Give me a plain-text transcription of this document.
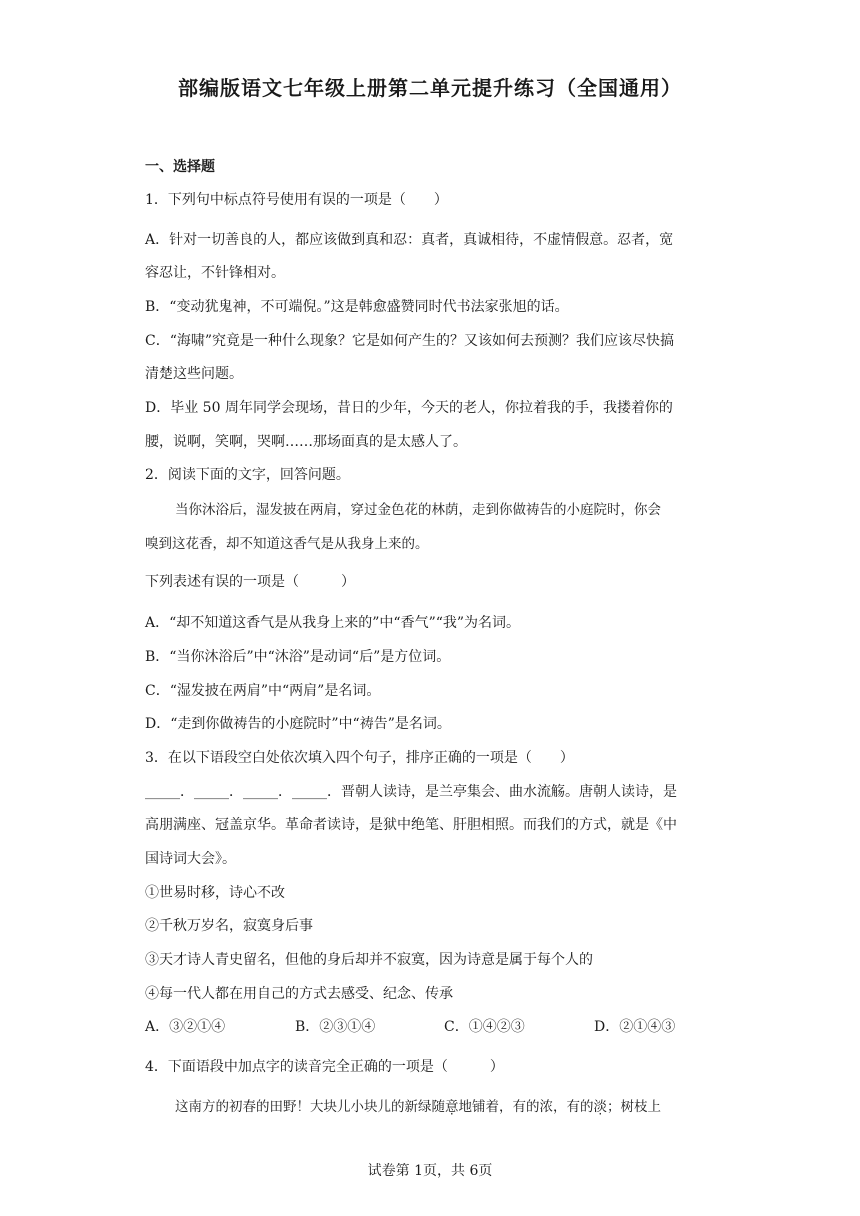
部编版语文七年级上册第二单元提升练习（全国通用）
一、选择题
1．下列句中标点符号使用有误的一项是（　　）
A．针对一切善良的人，都应该做到真和忍：真者，真诚相待，不虚情假意。忍者，宽
容忍让，不针锋相对。
B．“变动犹鬼神，不可端倪。”这是韩愈盛赞同时代书法家张旭的话。
C．“海啸”究竟是一种什么现象？它是如何产生的？又该如何去预测？我们应该尽快搞
清楚这些问题。
D．毕业 50 周年同学会现场，昔日的少年，今天的老人，你拉着我的手，我搂着你的
腰，说啊，笑啊，哭啊……那场面真的是太感人了。
2．阅读下面的文字，回答问题。
当你沐浴后，湿发披在两肩，穿过金色花的林荫，走到你做祷告的小庭院时，你会
嗅到这花香，却不知道这香气是从我身上来的。
下列表述有误的一项是（　　　）
A．“却不知道这香气是从我身上来的”中“香气”“我”为名词。
B．“当你沐浴后”中“沐浴”是动词“后”是方位词。
C．“湿发披在两肩”中“两肩”是名词。
D．“走到你做祷告的小庭院时”中“祷告”是名词。
3．在以下语段空白处依次填入四个句子，排序正确的一项是（　　）
_____．_____．_____．_____．晋朝人读诗，是兰亭集会、曲水流觞。唐朝人读诗，是
高朋满座、冠盖京华。革命者读诗，是狱中绝笔、肝胆相照。而我们的方式，就是《中
国诗词大会》。
①世易时移，诗心不改
②千秋万岁名，寂寞身后事
③天才诗人青史留名，但他的身后却并不寂寞，因为诗意是属于每个人的
④每一代人都在用自己的方式去感受、纪念、传承
A．③②①④	B．②③①④	C．①④②③	D．②①④③
4．下面语段中加点字的读音完全正确的一项是（　　　）
这南方的初春的田野！大块儿小块儿的新绿随意地铺着，有的浓，有的淡；树枝上
试卷第 1页，共 6页
